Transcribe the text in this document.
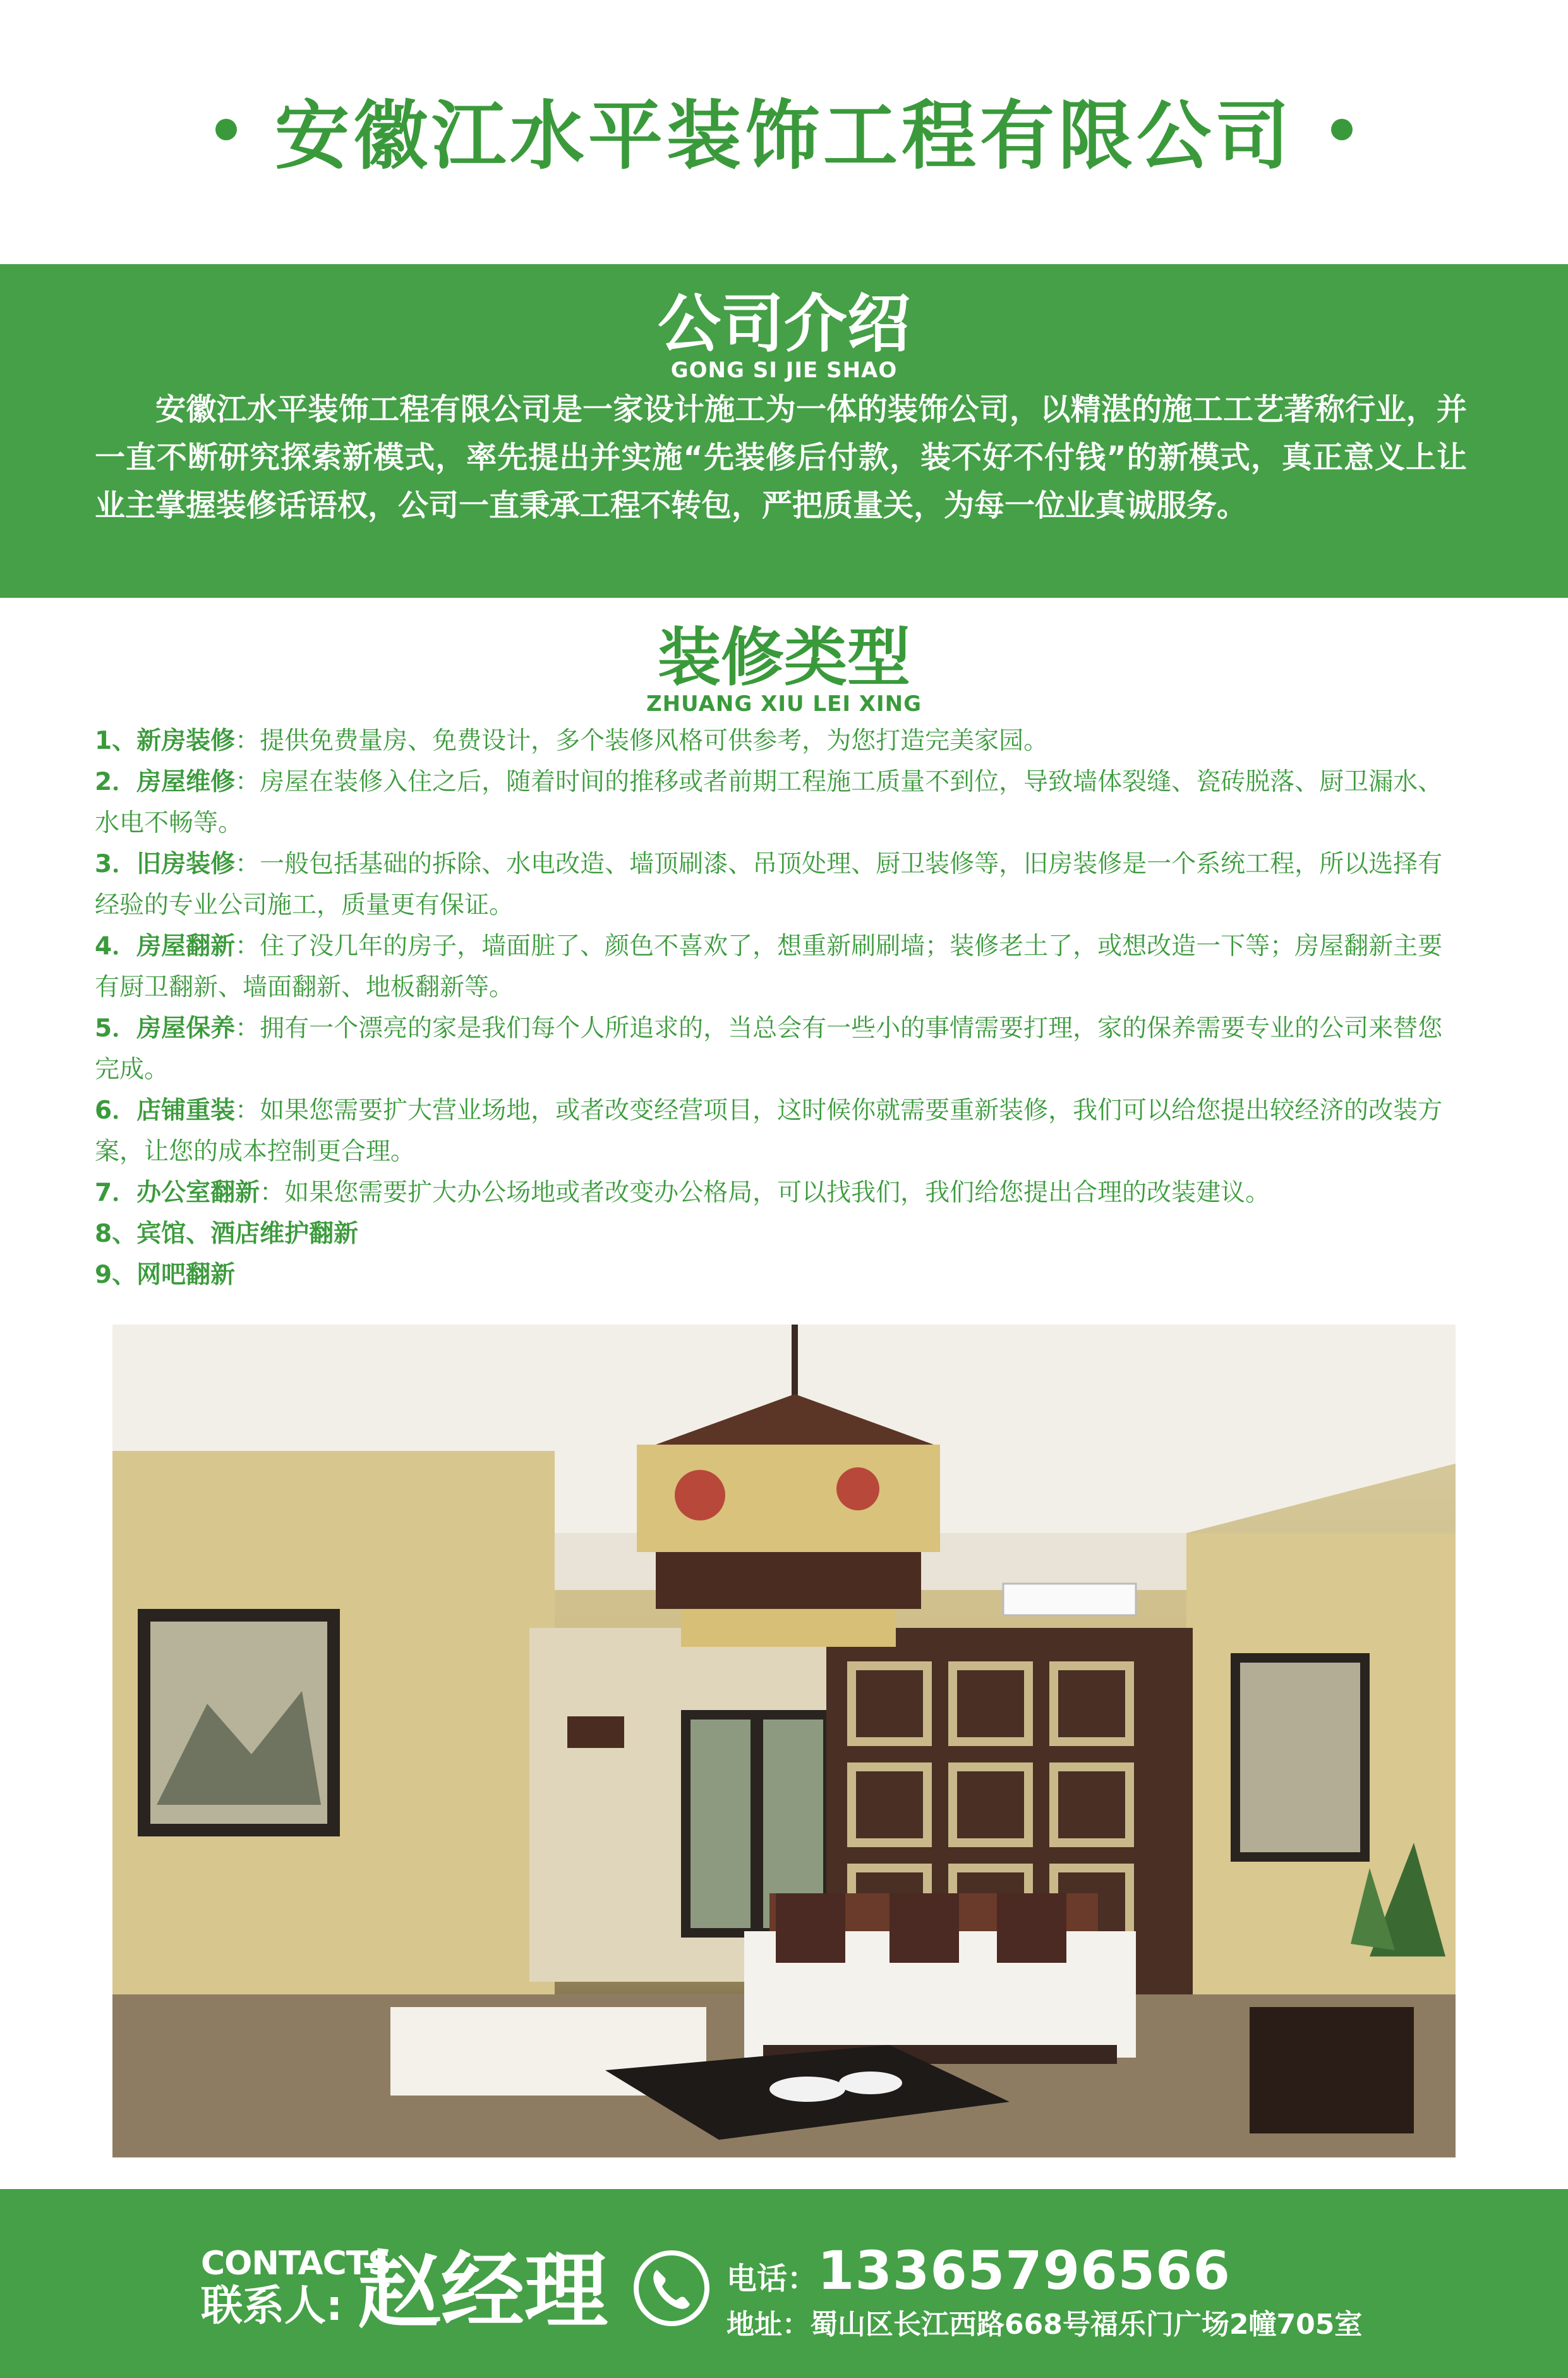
安徽江水平装饰工程有限公司
公司介绍
GONG SI JIE SHAO

安徽江水平装饰工程有限公司是一家设计施工为一体的装饰公司，以精湛的施工工艺著称行业，并一直不断研究探索新模式，率先提出并实施“先装修后付款，装不好不付钱”的新模式，真正意义上让业主掌握装修话语权，公司一直秉承工程不转包，严把质量关，为每一位业真诚服务。

装修类型
ZHUANG XIU LEI XING
1、新房装修：提供免费量房、免费设计，多个装修风格可供参考，为您打造完美家园。
2．房屋维修：房屋在装修入住之后，随着时间的推移或者前期工程施工质量不到位，导致墙体裂缝、瓷砖脱落、厨卫漏水、水电不畅等。
3．旧房装修：一般包括基础的拆除、水电改造、墙顶刷漆、吊顶处理、厨卫装修等，旧房装修是一个系统工程，所以选择有经验的专业公司施工，质量更有保证。
4．房屋翻新：住了没几年的房子，墙面脏了、颜色不喜欢了，想重新刷刷墙；装修老土了，或想改造一下等；房屋翻新主要有厨卫翻新、墙面翻新、地板翻新等。
5．房屋保养：拥有一个漂亮的家是我们每个人所追求的，当总会有一些小的事情需要打理，家的保养需要专业的公司来替您完成。
6．店铺重装：如果您需要扩大营业场地，或者改变经营项目，这时候你就需要重新装修，我们可以给您提出较经济的改装方案，让您的成本控制更合理。
7．办公室翻新：如果您需要扩大办公场地或者改变办公格局，可以找我们，我们给您提出合理的改装建议。
8、宾馆、酒店维护翻新
9、网吧翻新
CONTACTS
联系人: 赵经理	电话：13365796566
地址：蜀山区长江西路668号福乐门广场2幢705室
